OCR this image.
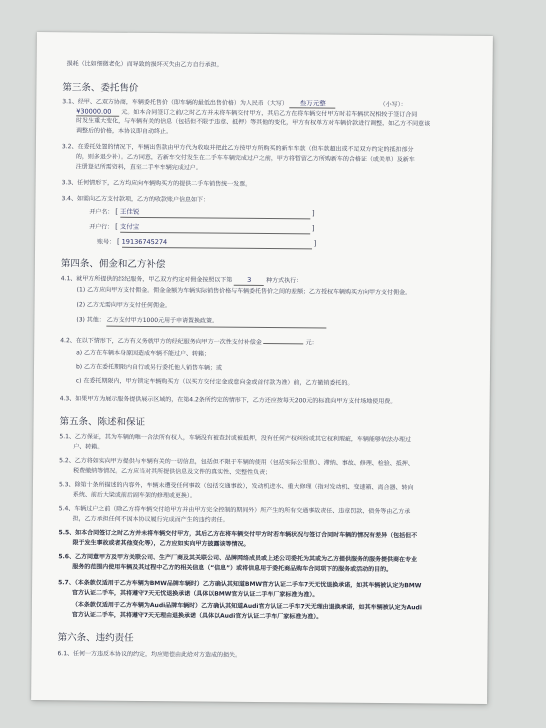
损耗（比如细微老化）而导致的损坏灭失由乙方自行承担。
第三条、委托售价
3.1、经甲、乙双方协商，车辆委托售价（即车辆的最低出售价格）为人民币（大写） 叁万元整	（小写）：
¥30000.00 元。如本合同签订之前/之时乙方并未将车辆交付甲方，其后乙方在将车辆交付甲方时若车辆状况相较于签订合同
时发生重大变化，与车辆有关的信息（包括但不限于违章、抵押）等其他的变化，甲方有权单方对车辆价款进行调整，如乙方不同意该
调整后的价格，本协议即自动终止。
3.2、在委托处置的情况下，车辆出售款由甲方代为收取并把此乙方按甲方所购买的新车车款（但车款超出或不足双方约定的抵扣部分
的，则多退少补）。乙方同意，若新车交付发生在二手车车辆完成过户之前，甲方将暂留乙方所购新车的合格证（或关单）及新车
注册登记所需资料，直至二手车车辆完成过户。
3.3、任何情形下，乙方均应向车辆购买方的提供二手车销售统一发票。
3.4、如需向乙方支付款项，乙方的收款账户信息如下：
开户名： [ 王佳锐	]
开户行： [ 支付宝	]
账号： [ 19136745274	]
第四条、佣金和乙方补偿
4.1、就甲方所提供的经纪服务，甲乙双方约定对佣金按照以下第 3 种方式执行：
(1) 乙方应向甲方支付佣金。佣金金额为车辆实际销售价格与车辆委托售价之间的差额；乙方授权车辆购买方向甲方支付佣金。
(2) 乙方无需向甲方支付任何佣金。
(3) 其他： 乙方支付甲方1000元用于申请置换政策。
4.2、在以下情形下，乙方有义务就甲方的经纪服务向甲方一次性支付补偿金	元：
a) 乙方在车辆本身原因造成车辆不能过户、转籍；
b) 乙方在委托期限内自行或另行委托他人销售车辆；或
c) 在委托期限内，甲方锁定车辆购买方（以买方交付定金或意向金或首付款为准）前，乙方撤销委托的。
4.3、如果甲方为展示服务提供展示区域的，在第4.2条所约定的情形下，乙方还应按每天200元的标准向甲方支付场地使用费。
第五条、陈述和保证
5.1、乙方保证，其为车辆的唯一合法所有权人，车辆没有被查封或被抵押，没有任何产权纠纷或其它权利瑕疵，车辆能够依法办理过
户、转籍。
5.2、乙方将如实向甲方提供与车辆有关的一切信息，包括但不限于车辆的使用（包括实际公里数）、滞纳、事故、修理、检验、抵押、
税费缴纳等情况。乙方应当对其所提供信息及文件的真实性、完整性负责；
5.3、除第十条所描述的内容外，车辆未遭受任何事故（包括交通事故），发动机进水、重大修理（指对发动机、变速箱、离合器、转向
系统、前后大梁或前后副车架的修理或更换）。
5.4、车辆过户之前（除乙方将车辆交付给甲方并由甲方完全控制的期间外）所产生的所有交通事故责任、违章罚款、债务等由乙方承
担，乙方承担任何不因本协议履行完成而产生的违约责任。
5.5、如本合同签订之时乙方并未将车辆交付甲方，其后乙方在将车辆交付甲方时若车辆状况与签订合同时车辆的情况有差异（包括但不
限于发生事故或者其他变化等），乙方应如实向甲方披露该等情况。
5.6、乙方同意甲方及甲方关联公司、生产厂商及其关联公司、品牌网络成员或上述公司委托为其或为乙方提供服务的服务提供商在专业
服务的范围内使用车辆及其过程中乙方的相关信息（“信息”）或将信息用于委托商品购车合同项下的服务或活动的目的。
5.7、（本条款仅适用于乙方车辆为BMW品牌车辆时）乙方确认其知道BMW官方认证二手车7天无忧退换承诺，如其车辆被认定为BMW
官方认证二手车，其将遵守7天无忧退换承诺（具体以BMW官方认证二手车厂家标准为准）。
（本条款仅适用于乙方车辆为Audi品牌车辆时）乙方确认其知道Audi官方认证二手车7天无理由退换承诺，如其车辆被认定为Audi
官方认证二手车，其将遵守7天无理由退换承诺（具体以Audi官方认证二手车厂家标准为准）。
第六条、违约责任
6.1、任何一方违反本协议的约定，均应赔偿由此给对方造成的损失。
